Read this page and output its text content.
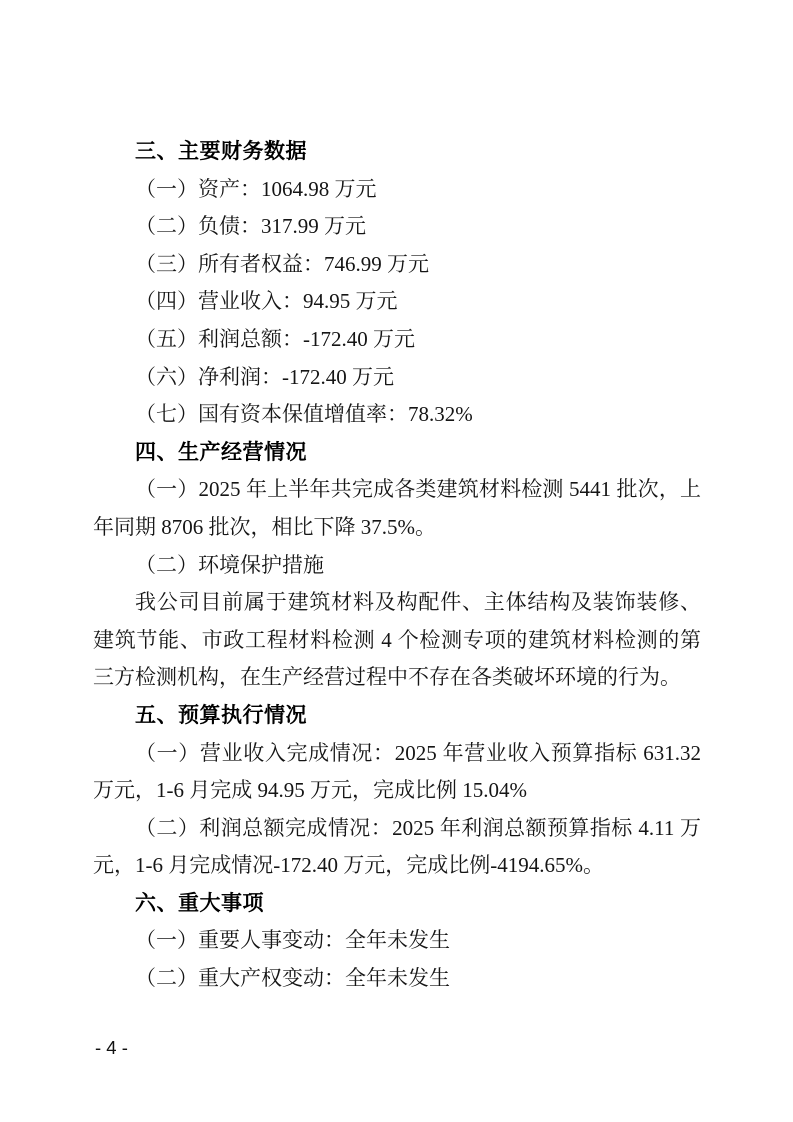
三、主要财务数据
（一）资产：1064.98 万元
（二）负债：317.99 万元
（三）所有者权益：746.99 万元
（四）营业收入：94.95 万元
（五）利润总额：-172.40 万元
（六）净利润：-172.40 万元
（七）国有资本保值增值率：78.32%
四、生产经营情况
（一）2025 年上半年共完成各类建筑材料检测 5441 批次，上
年同期 8706 批次，相比下降 37.5%。
（二）环境保护措施
我公司目前属于建筑材料及构配件、主体结构及装饰装修、
建筑节能、市政工程材料检测 4 个检测专项的建筑材料检测的第
三方检测机构，在生产经营过程中不存在各类破坏环境的行为。
五、预算执行情况
（一）营业收入完成情况：2025 年营业收入预算指标 631.32
万元，1-6 月完成 94.95 万元，完成比例 15.04%
（二）利润总额完成情况：2025 年利润总额预算指标 4.11 万
元，1-6 月完成情况-172.40 万元，完成比例-4194.65%。
六、重大事项
（一）重要人事变动：全年未发生
（二）重大产权变动：全年未发生
- 4 -
